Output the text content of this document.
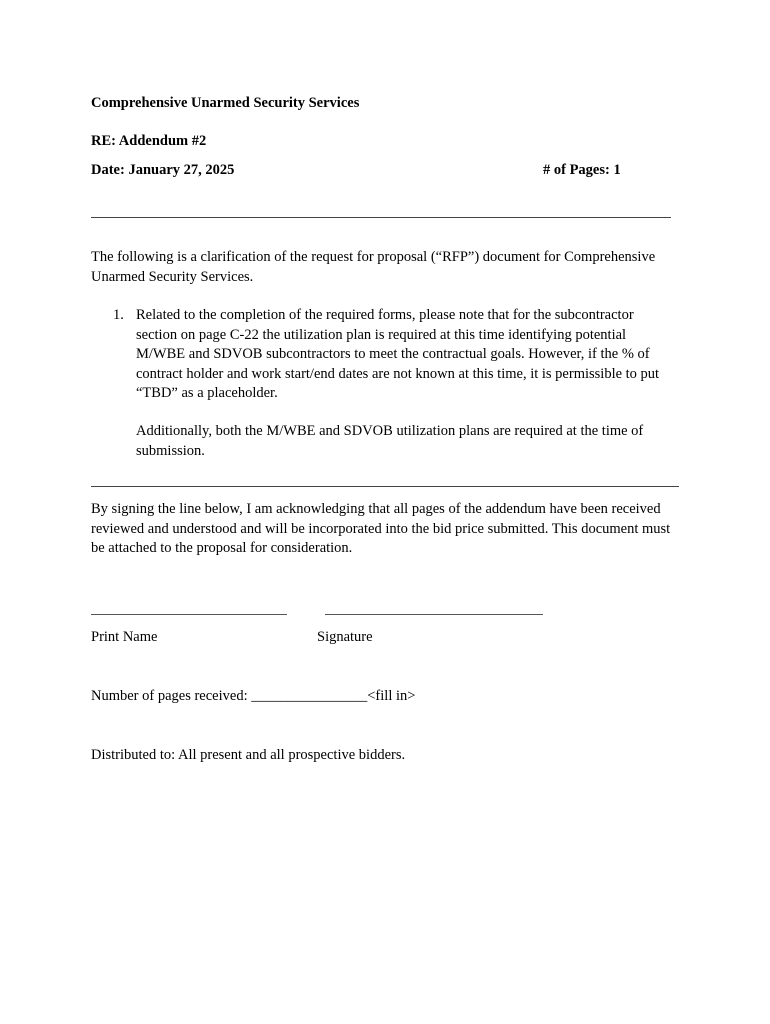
Comprehensive Unarmed Security Services
RE: Addendum #2
Date: January 27, 2025	# of Pages: 1
The following is a clarification of the request for proposal (“RFP”) document for Comprehensive Unarmed Security Services.
1. Related to the completion of the required forms, please note that for the subcontractor section on page C-22 the utilization plan is required at this time identifying potential M/WBE and SDVOB subcontractors to meet the contractual goals. However, if the % of contract holder and work start/end dates are not known at this time, it is permissible to put “TBD” as a placeholder.
Additionally, both the M/WBE and SDVOB utilization plans are required at the time of submission.
By signing the line below, I am acknowledging that all pages of the addendum have been received reviewed and understood and will be incorporated into the bid price submitted. This document must be attached to the proposal for consideration.
Print Name	Signature
Number of pages received: ________________<fill in>
Distributed to: All present and all prospective bidders.
